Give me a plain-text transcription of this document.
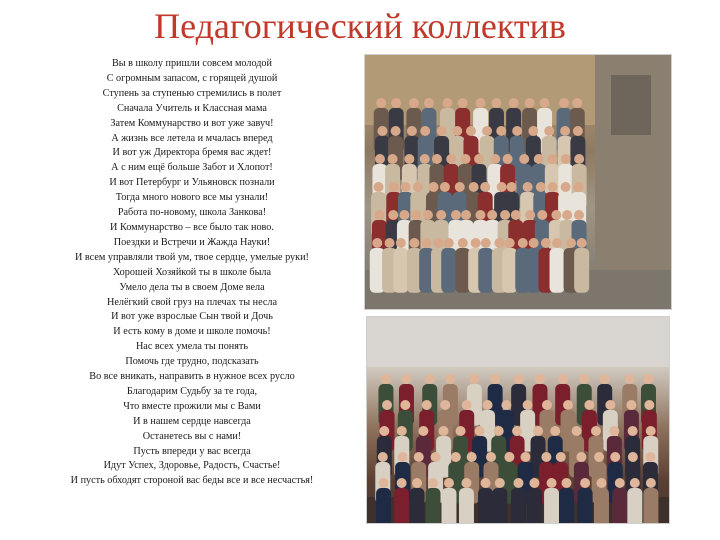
Педагогический коллектив
Вы в школу пришли совсем молодой
С огромным запасом, с горящей душой
Ступень за ступенью стремились в полет
Сначала Учитель и Классная мама
Затем Коммунарство и вот уже завуч!
А жизнь все летела и мчалась вперед
И вот уж Директора бремя вас ждет!
А с ним ещё больше Забот и Хлопот!
И вот Петербург и Ульяновск познали
Тогда много нового все мы узнали!
Работа по-новому, школа Занкова!
И Коммунарство – все было так ново.
Поездки и Встречи и Жажда Науки!
И всем управляли твой ум, твое сердце, умелые руки!
Хорошей Хозяйкой ты в школе была
Умело дела ты в своем Доме вела
Нелёгкий свой груз на плечах ты несла
И вот уже взрослые Сын твой и Дочь
И есть кому в доме и школе помочь!
Нас всех умела ты понять
Помочь где трудно, подсказать
Во все вникать, направить в нужное всех русло
Благодарим Судьбу за те года,
Что вместе прожили мы с Вами
И в нашем сердце навсегда
Останетесь вы с нами!
Пусть впереди у вас всегда
Идут Успех, Здоровье, Радость, Счастье!
И пусть обходят стороной вас беды все и все несчастья!
